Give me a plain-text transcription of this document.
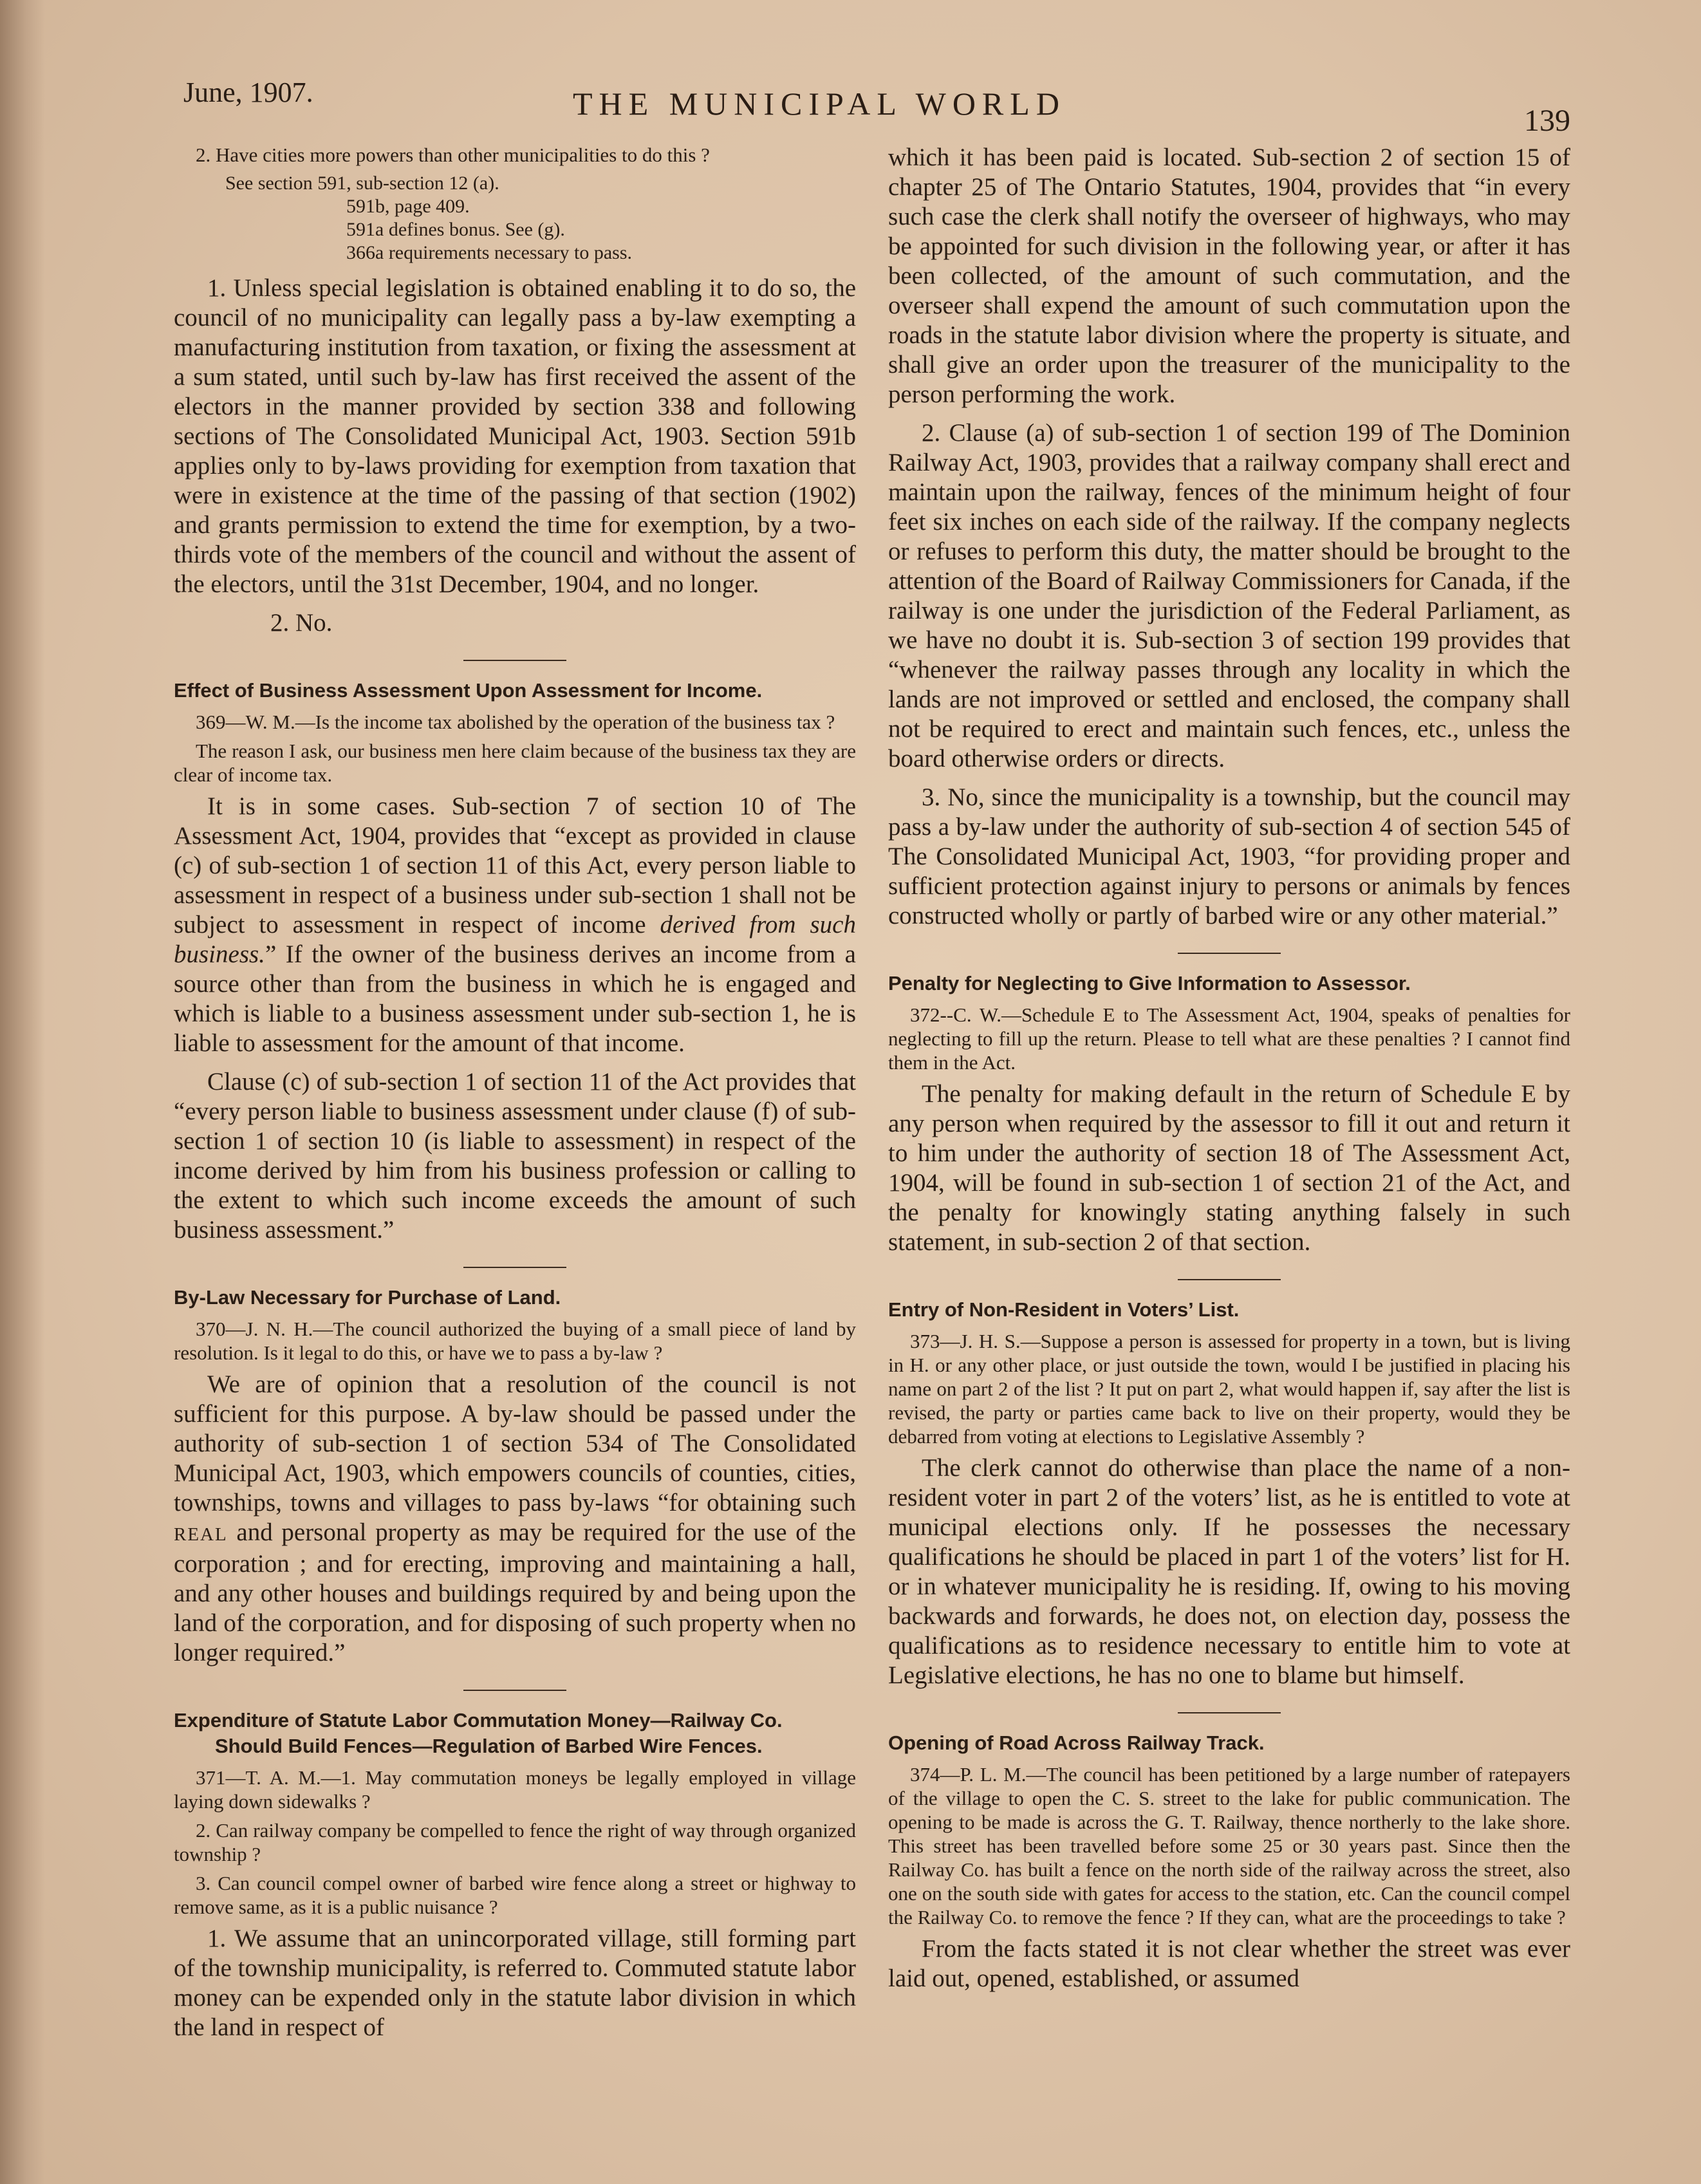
June, 1907.	THE MUNICIPAL WORLD	139

2. Have cities more powers than other municipalities to do this ?

See section 591, sub-section 12 (a).

591b, page 409.

591a defines bonus. See (g).

366a requirements necessary to pass.

1. Unless special legislation is obtained enabling it to do so, the council of no municipality can legally pass a by-law exempting a manufacturing institution from taxation, or fixing the assessment at a sum stated, until such by-law has first received the assent of the electors in the manner provided by section 338 and following sections of The Consolidated Municipal Act, 1903. Section 591b applies only to by-laws providing for exemption from taxation that were in existence at the time of the passing of that section (1902) and grants permission to extend the time for exemption, by a two-thirds vote of the members of the council and without the assent of the electors, until the 31st December, 1904, and no longer.

2. No.

Effect of Business Assessment Upon Assessment for Income.

369—W. M.—Is the income tax abolished by the operation of the business tax ?

The reason I ask, our business men here claim because of the business tax they are clear of income tax.

It is in some cases. Sub-section 7 of section 10 of The Assessment Act, 1904, provides that “except as provided in clause (c) of sub-section 1 of section 11 of this Act, every person liable to assessment in respect of a business under sub-section 1 shall not be subject to assessment in respect of income derived from such business.” If the owner of the business derives an income from a source other than from the business in which he is engaged and which is liable to a business assessment under sub-section 1, he is liable to assessment for the amount of that income.

Clause (c) of sub-section 1 of section 11 of the Act provides that “every person liable to business assessment under clause (f) of sub-section 1 of section 10 (is liable to assessment) in respect of the income derived by him from his business profession or calling to the extent to which such income exceeds the amount of such business assessment.”

By-Law Necessary for Purchase of Land.

370—J. N. H.—The council authorized the buying of a small piece of land by resolution. Is it legal to do this, or have we to pass a by-law ?

We are of opinion that a resolution of the council is not sufficient for this purpose. A by-law should be passed under the authority of sub-section 1 of section 534 of The Consolidated Municipal Act, 1903, which empowers councils of counties, cities, townships, towns and villages to pass by-laws “for obtaining such REAL and personal property as may be required for the use of the corporation ; and for erecting, improving and maintaining a hall, and any other houses and buildings required by and being upon the land of the corporation, and for disposing of such property when no longer required.”

Expenditure of Statute Labor Commutation Money—Railway Co.

Should Build Fences—Regulation of Barbed Wire Fences.

371—T. A. M.—1. May commutation moneys be legally employed in village laying down sidewalks ?

2. Can railway company be compelled to fence the right of way through organized township ?

3. Can council compel owner of barbed wire fence along a street or highway to remove same, as it is a public nuisance ?

1. We assume that an unincorporated village, still forming part of the township municipality, is referred to. Commuted statute labor money can be expended only in the statute labor division in which the land in respect of

which it has been paid is located. Sub-section 2 of section 15 of chapter 25 of The Ontario Statutes, 1904, provides that “in every such case the clerk shall notify the overseer of highways, who may be appointed for such division in the following year, or after it has been collected, of the amount of such commutation, and the overseer shall expend the amount of such commutation upon the roads in the statute labor division where the property is situate, and shall give an order upon the treasurer of the municipality to the person performing the work.

2. Clause (a) of sub-section 1 of section 199 of The Dominion Railway Act, 1903, provides that a railway company shall erect and maintain upon the railway, fences of the minimum height of four feet six inches on each side of the railway. If the company neglects or refuses to perform this duty, the matter should be brought to the attention of the Board of Railway Commissioners for Canada, if the railway is one under the jurisdiction of the Federal Parliament, as we have no doubt it is. Sub-section 3 of section 199 provides that “whenever the railway passes through any locality in which the lands are not improved or settled and enclosed, the company shall not be required to erect and maintain such fences, etc., unless the board otherwise orders or directs.

3. No, since the municipality is a township, but the council may pass a by-law under the authority of sub-section 4 of section 545 of The Consolidated Municipal Act, 1903, “for providing proper and sufficient protection against injury to persons or animals by fences constructed wholly or partly of barbed wire or any other material.”

Penalty for Neglecting to Give Information to Assessor.

372--C. W.—Schedule E to The Assessment Act, 1904, speaks of penalties for neglecting to fill up the return. Please to tell what are these penalties ? I cannot find them in the Act.

The penalty for making default in the return of Schedule E by any person when required by the assessor to fill it out and return it to him under the authority of section 18 of The Assessment Act, 1904, will be found in sub-section 1 of section 21 of the Act, and the penalty for knowingly stating anything falsely in such statement, in sub-section 2 of that section.

Entry of Non-Resident in Voters’ List.

373—J. H. S.—Suppose a person is assessed for property in a town, but is living in H. or any other place, or just outside the town, would I be justified in placing his name on part 2 of the list ? It put on part 2, what would happen if, say after the list is revised, the party or parties came back to live on their property, would they be debarred from voting at elections to Legislative Assembly ?

The clerk cannot do otherwise than place the name of a non-resident voter in part 2 of the voters’ list, as he is entitled to vote at municipal elections only. If he possesses the necessary qualifications he should be placed in part 1 of the voters’ list for H. or in whatever municipality he is residing. If, owing to his moving backwards and forwards, he does not, on election day, possess the qualifications as to residence necessary to entitle him to vote at Legislative elections, he has no one to blame but himself.

Opening of Road Across Railway Track.

374—P. L. M.—The council has been petitioned by a large number of ratepayers of the village to open the C. S. street to the lake for public communication. The opening to be made is across the G. T. Railway, thence northerly to the lake shore. This street has been travelled before some 25 or 30 years past. Since then the Railway Co. has built a fence on the north side of the railway across the street, also one on the south side with gates for access to the station, etc. Can the council compel the Railway Co. to remove the fence ? If they can, what are the proceedings to take ?

From the facts stated it is not clear whether the street was ever laid out, opened, established, or assumed
